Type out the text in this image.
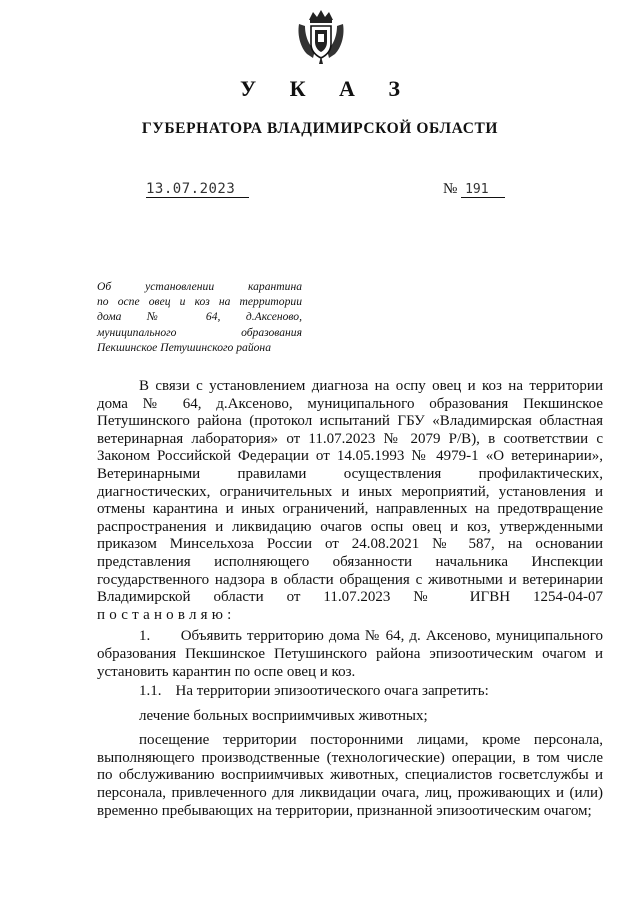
У К А З
ГУБЕРНАТОРА ВЛАДИМИРСКОЙ ОБЛАСТИ
13.07.2023	№ 191
Об установлении карантина
по оспе овец и коз на территории
дома № 64, д.Аксеново,
муниципального образования
Пекшинское Петушинского района

В связи с установлением диагноза на оспу овец и коз на территории дома № 64, д.Аксеново, муниципального образования Пекшинское Петушинского района (протокол испытаний ГБУ «Владимирская областная ветеринарная лаборатория» от 11.07.2023 № 2079 Р/В), в соответствии с Законом Российской Федерации от 14.05.1993 № 4979-1 «О ветеринарии», Ветеринарными правилами осуществления профилактических, диагностических, ограничительных и иных мероприятий, установления и отмены карантина и иных ограничений, направленных на предотвращение распространения и ликвидацию очагов оспы овец и коз, утвержденными приказом Минсельхоза России от 24.08.2021 № 587, на основании представления исполняющего обязанности начальника Инспекции государственного надзора в области обращения с животными и ветеринарии Владимирской области от 11.07.2023 № ИГВН 1254-04-07 постановляю:

1. Объявить территорию дома № 64, д. Аксеново, муниципального образования Пекшинское Петушинского района эпизоотическим очагом и установить карантин по оспе овец и коз.

1.1. На территории эпизоотического очага запретить:

лечение больных восприимчивых животных;

посещение территории посторонними лицами, кроме персонала, выполняющего производственные (технологические) операции, в том числе по обслуживанию восприимчивых животных, специалистов госветслужбы и персонала, привлеченного для ликвидации очага, лиц, проживающих и (или) временно пребывающих на территории, признанной эпизоотическим очагом;
